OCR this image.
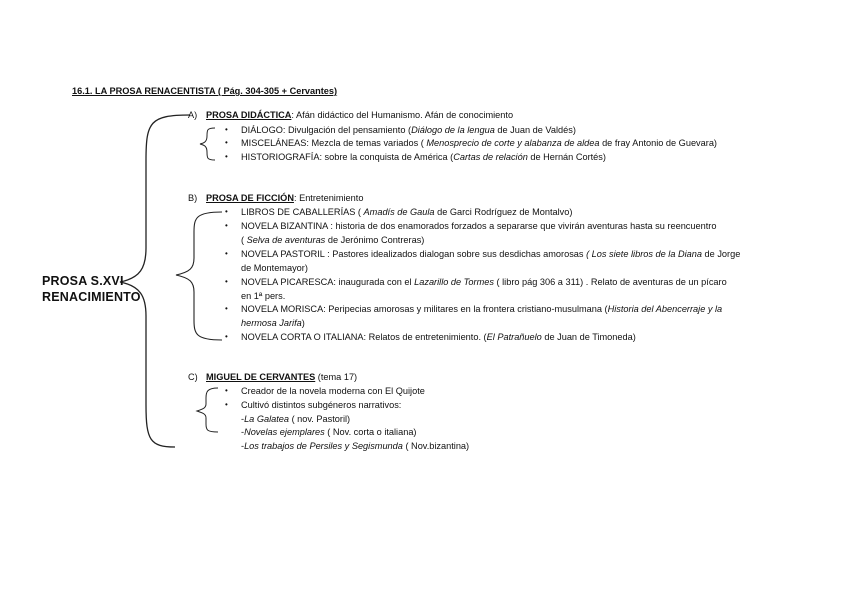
16.1. LA PROSA RENACENTISTA ( Pág. 304-305 + Cervantes)
PROSA S.XVI
RENACIMIENTO
A) PROSA DIDÁCTICA: Afán didáctico del Humanismo. Afán de conocimiento
• DIÁLOGO: Divulgación del pensamiento (Diálogo de la lengua de Juan de Valdés)
• MISCELÁNEAS: Mezcla de temas variados ( Menosprecio de corte y alabanza de aldea de fray Antonio de Guevara)
• HISTORIOGRAFÍA: sobre la conquista de América (Cartas de relación de Hernán Cortés)
B) PROSA DE FICCIÓN: Entretenimiento
• LIBROS DE CABALLERÍAS ( Amadís de Gaula de Garci Rodríguez de Montalvo)
• NOVELA BIZANTINA : historia de dos enamorados forzados a separarse que vivirán aventuras hasta su reencuentro
( Selva de aventuras de Jerónimo Contreras)
• NOVELA PASTORIL : Pastores idealizados dialogan sobre sus desdichas amorosas ( Los siete libros de la Diana de Jorge
de Montemayor)
• NOVELA PICARESCA: inaugurada con el Lazarillo de Tormes ( libro pág 306 a 311) . Relato de aventuras de un pícaro
en 1ª pers.
• NOVELA MORISCA: Peripecias amorosas y militares en la frontera cristiano-musulmana (Historia del Abencerraje y la
hermosa Jarifa)
• NOVELA CORTA O ITALIANA: Relatos de entretenimiento. (El Patrañuelo de Juan de Timoneda)
C) MIGUEL DE CERVANTES (tema 17)
• Creador de la novela moderna con El Quijote
• Cultivó distintos subgéneros narrativos:
-La Galatea ( nov. Pastoril)
-Novelas ejemplares ( Nov. corta o italiana)
-Los trabajos de Persiles y Segismunda ( Nov.bizantina)
